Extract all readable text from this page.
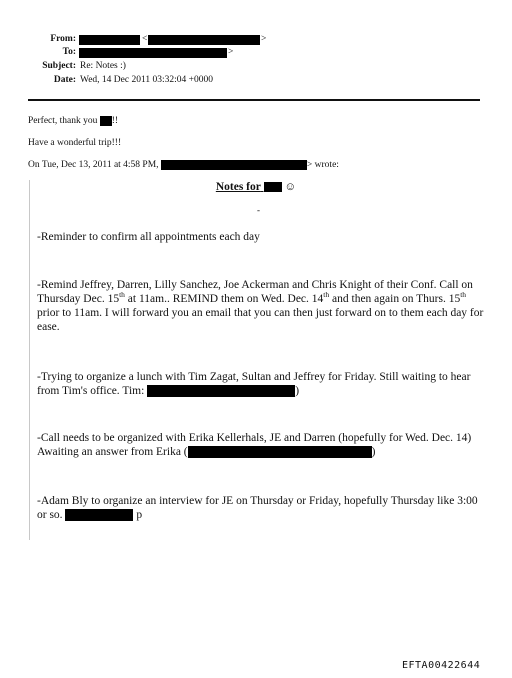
From:	<	>
To:	>
Subject: Re: Notes :)
Date: Wed, 14 Dec 2011 03:32:04 +0000
Perfect, thank you !!
Have a wonderful trip!!!
On Tue, Dec 13, 2011 at 4:58 PM,	> wrote:
Notes for ☺
-
-Reminder to confirm all appointments each day
-Remind Jeffrey, Darren, Lilly Sanchez, Joe Ackerman and Chris Knight of their Conf. Call on Thursday Dec. 15th at 11am.. REMIND them on Wed. Dec. 14th and then again on Thurs. 15th prior to 11am. I will forward you an email that you can then just forward on to them each day for ease.
-Trying to organize a lunch with Tim Zagat, Sultan and Jeffrey for Friday. Still waiting to hear from Tim's office. Tim:	)
-Call needs to be organized with Erika Kellerhals, JE and Darren (hopefully for Wed. Dec. 14) Awaiting an answer from Erika (	)
-Adam Bly to organize an interview for JE on Thursday or Friday, hopefully Thursday like 3:00 or so.	p
EFTA00422644
